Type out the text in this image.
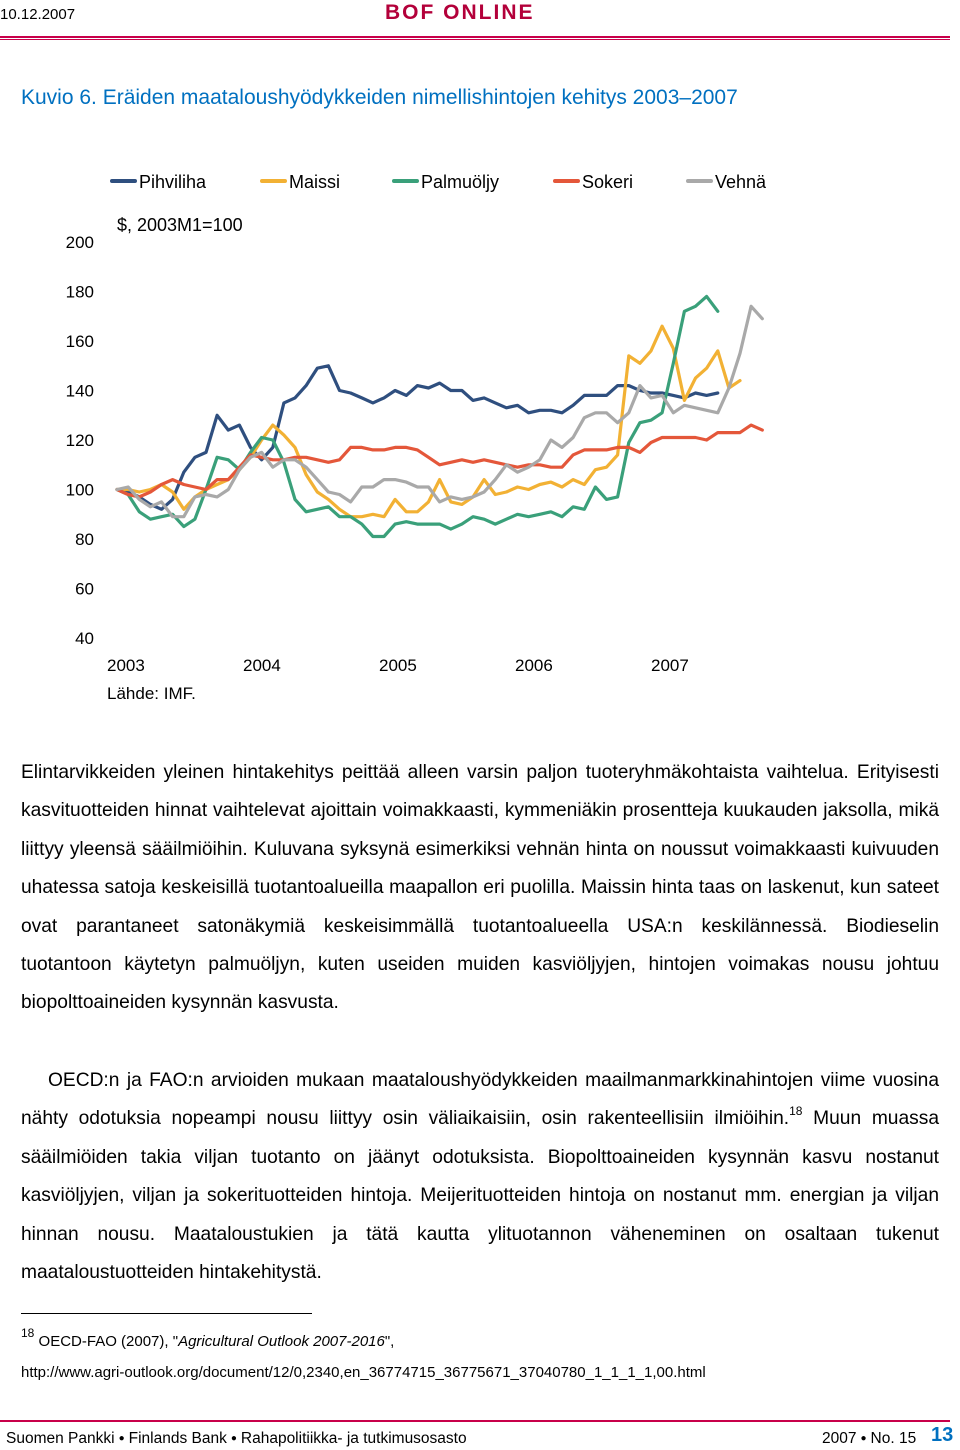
10.12.2007	BOF ONLINE
Kuvio 6. Eräiden maataloushyödykkeiden nimellishintojen kehitys 2003–2007
Pihviliha	Maissi	Palmuöljy	Sokeri	Vehnä
$, 2003M1=100
200
180
160
140
120
100
80
60
40
2003	2004	2005	2006	2007
Lähde: IMF.
Elintarvikkeiden yleinen hintakehitys peittää alleen varsin paljon tuoteryhmäkohtaista vaihtelua. Erityisesti kasvituotteiden hinnat vaihtelevat ajoittain voimakkaasti, kymmeniäkin prosentteja kuukauden jaksolla, mikä liittyy yleensä sääilmiöihin. Kuluvana syksynä esimerkiksi vehnän hinta on noussut voimakkaasti kuivuuden uhatessa satoja keskeisillä tuotantoalueilla maapallon eri puolilla. Maissin hinta taas on laskenut, kun sateet ovat parantaneet satonäkymiä keskeisimmällä tuotantoalueella USA:n keskilännessä. Biodieselin tuotantoon käytetyn palmuöljyn, kuten useiden muiden kasviöljyjen, hintojen voimakas nousu johtuu biopolttoaineiden kysynnän kasvusta.
OECD:n ja FAO:n arvioiden mukaan maataloushyödykkeiden maailmanmarkkinahintojen viime vuosina nähty odotuksia nopeampi nousu liittyy osin väliaikaisiin, osin rakenteellisiin ilmiöihin.$^{18}$ Muun muassa sääilmiöiden takia viljan tuotanto on jäänyt odotuksista. Biopolttoaineiden kysynnän kasvu nostanut kasviöljyjen, viljan ja sokerituotteiden hintoja. Meijerituotteiden hintoja on nostanut mm. energian ja viljan hinnan nousu. Maataloustukien ja tätä kautta ylituotannon väheneminen on osaltaan tukenut maataloustuotteiden hintakehitystä.
$^{18}$ OECD-FAO (2007), "Agricultural Outlook 2007-2016",
http://www.agri-outlook.org/document/12/0,2340,en_36774715_36775671_37040780_1_1_1_1,00.html
Suomen Pankki ● Finlands Bank ● Rahapolitiikka- ja tutkimusosasto	2007 ● No. 15 13
